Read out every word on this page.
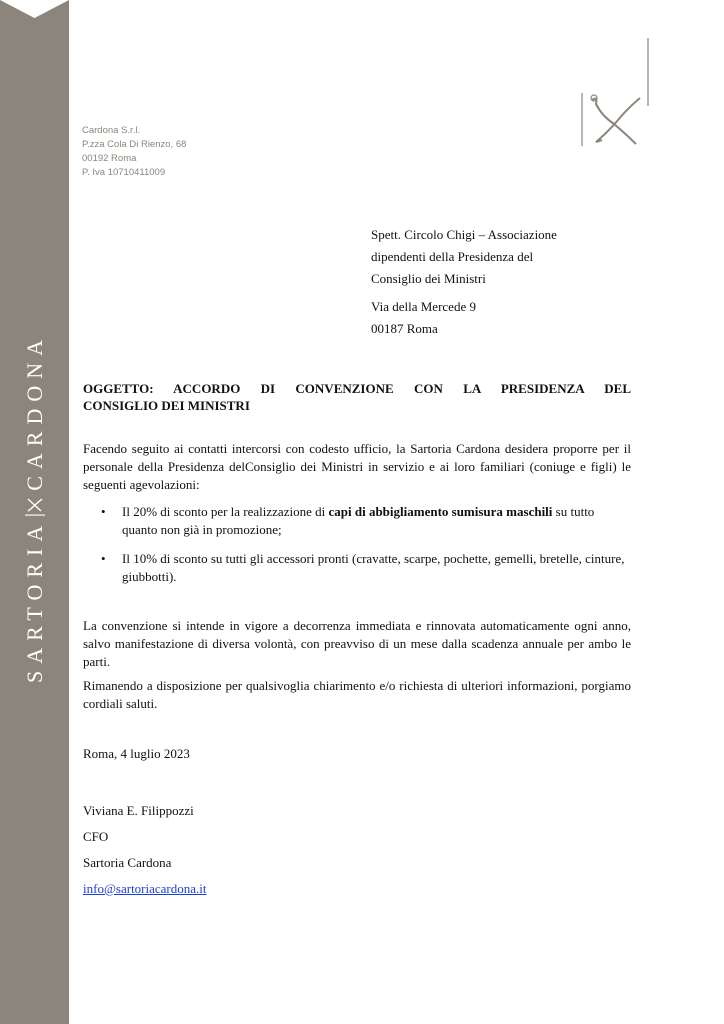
SARTORIA
CARDONA
Cardona S.r.l.
P.zza Cola Di Rienzo, 68
00192 Roma
P. Iva 10710411009
Spett. Circolo Chigi – Associazione
dipendenti della Presidenza del
Consiglio dei Ministri
Via della Mercede 9
00187 Roma
OGGETTO: ACCORDO DI CONVENZIONE CON LA PRESIDENZA DEL
CONSIGLIO DEI MINISTRI
Facendo seguito ai contatti intercorsi con codesto ufficio, la Sartoria Cardona desidera proporre per il personale della Presidenza delConsiglio dei Ministri in servizio e ai loro familiari (coniuge e figli) le seguenti agevolazioni:
• Il 20% di sconto per la realizzazione di capi di abbigliamento sumisura maschili su tutto quanto non già in promozione;
• Il 10% di sconto su tutti gli accessori pronti (cravatte, scarpe, pochette, gemelli, bretelle, cinture, giubbotti).
La convenzione si intende in vigore a decorrenza immediata e rinnovata automaticamente ogni anno, salvo manifestazione di diversa volontà, con preavviso di un mese dalla scadenza annuale per ambo le parti.
Rimanendo a disposizione per qualsivoglia chiarimento e/o richiesta di ulteriori informazioni, porgiamo cordiali saluti.
Roma, 4 luglio 2023
Viviana E. Filippozzi
CFO
Sartoria Cardona
info@sartoriacardona.it
